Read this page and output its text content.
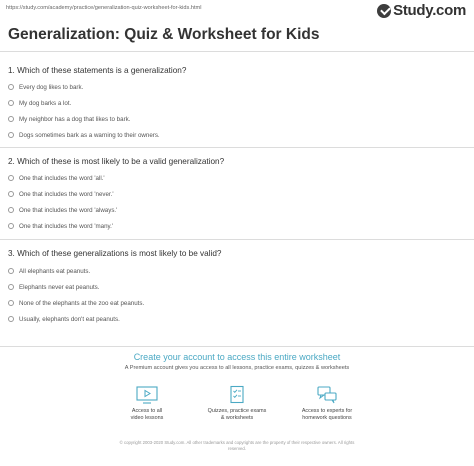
https://study.com/academy/practice/generalization-quiz-worksheet-for-kids.html	Study.com
Generalization: Quiz & Worksheet for Kids
1. Which of these statements is a generalization?
Every dog likes to bark.
My dog barks a lot.
My neighbor has a dog that likes to bark.
Dogs sometimes bark as a warning to their owners.
2. Which of these is most likely to be a valid generalization?
One that includes the word 'all.'
One that includes the word 'never.'
One that includes the word 'always.'
One that includes the word 'many.'
3. Which of these generalizations is most likely to be valid?
All elephants eat peanuts.
Elephants never eat peanuts.
None of the elephants at the zoo eat peanuts.
Usually, elephants don't eat peanuts.
Create your account to access this entire worksheet
A Premium account gives you access to all lessons, practice exams, quizzes & worksheets
Access to all
video lessons
Quizzes, practice exams
& worksheets
Access to experts for
homework questions
© copyright 2003-2020 Study.com. All other trademarks and copyrights are the property of their respective owners. All rights
reserved.
